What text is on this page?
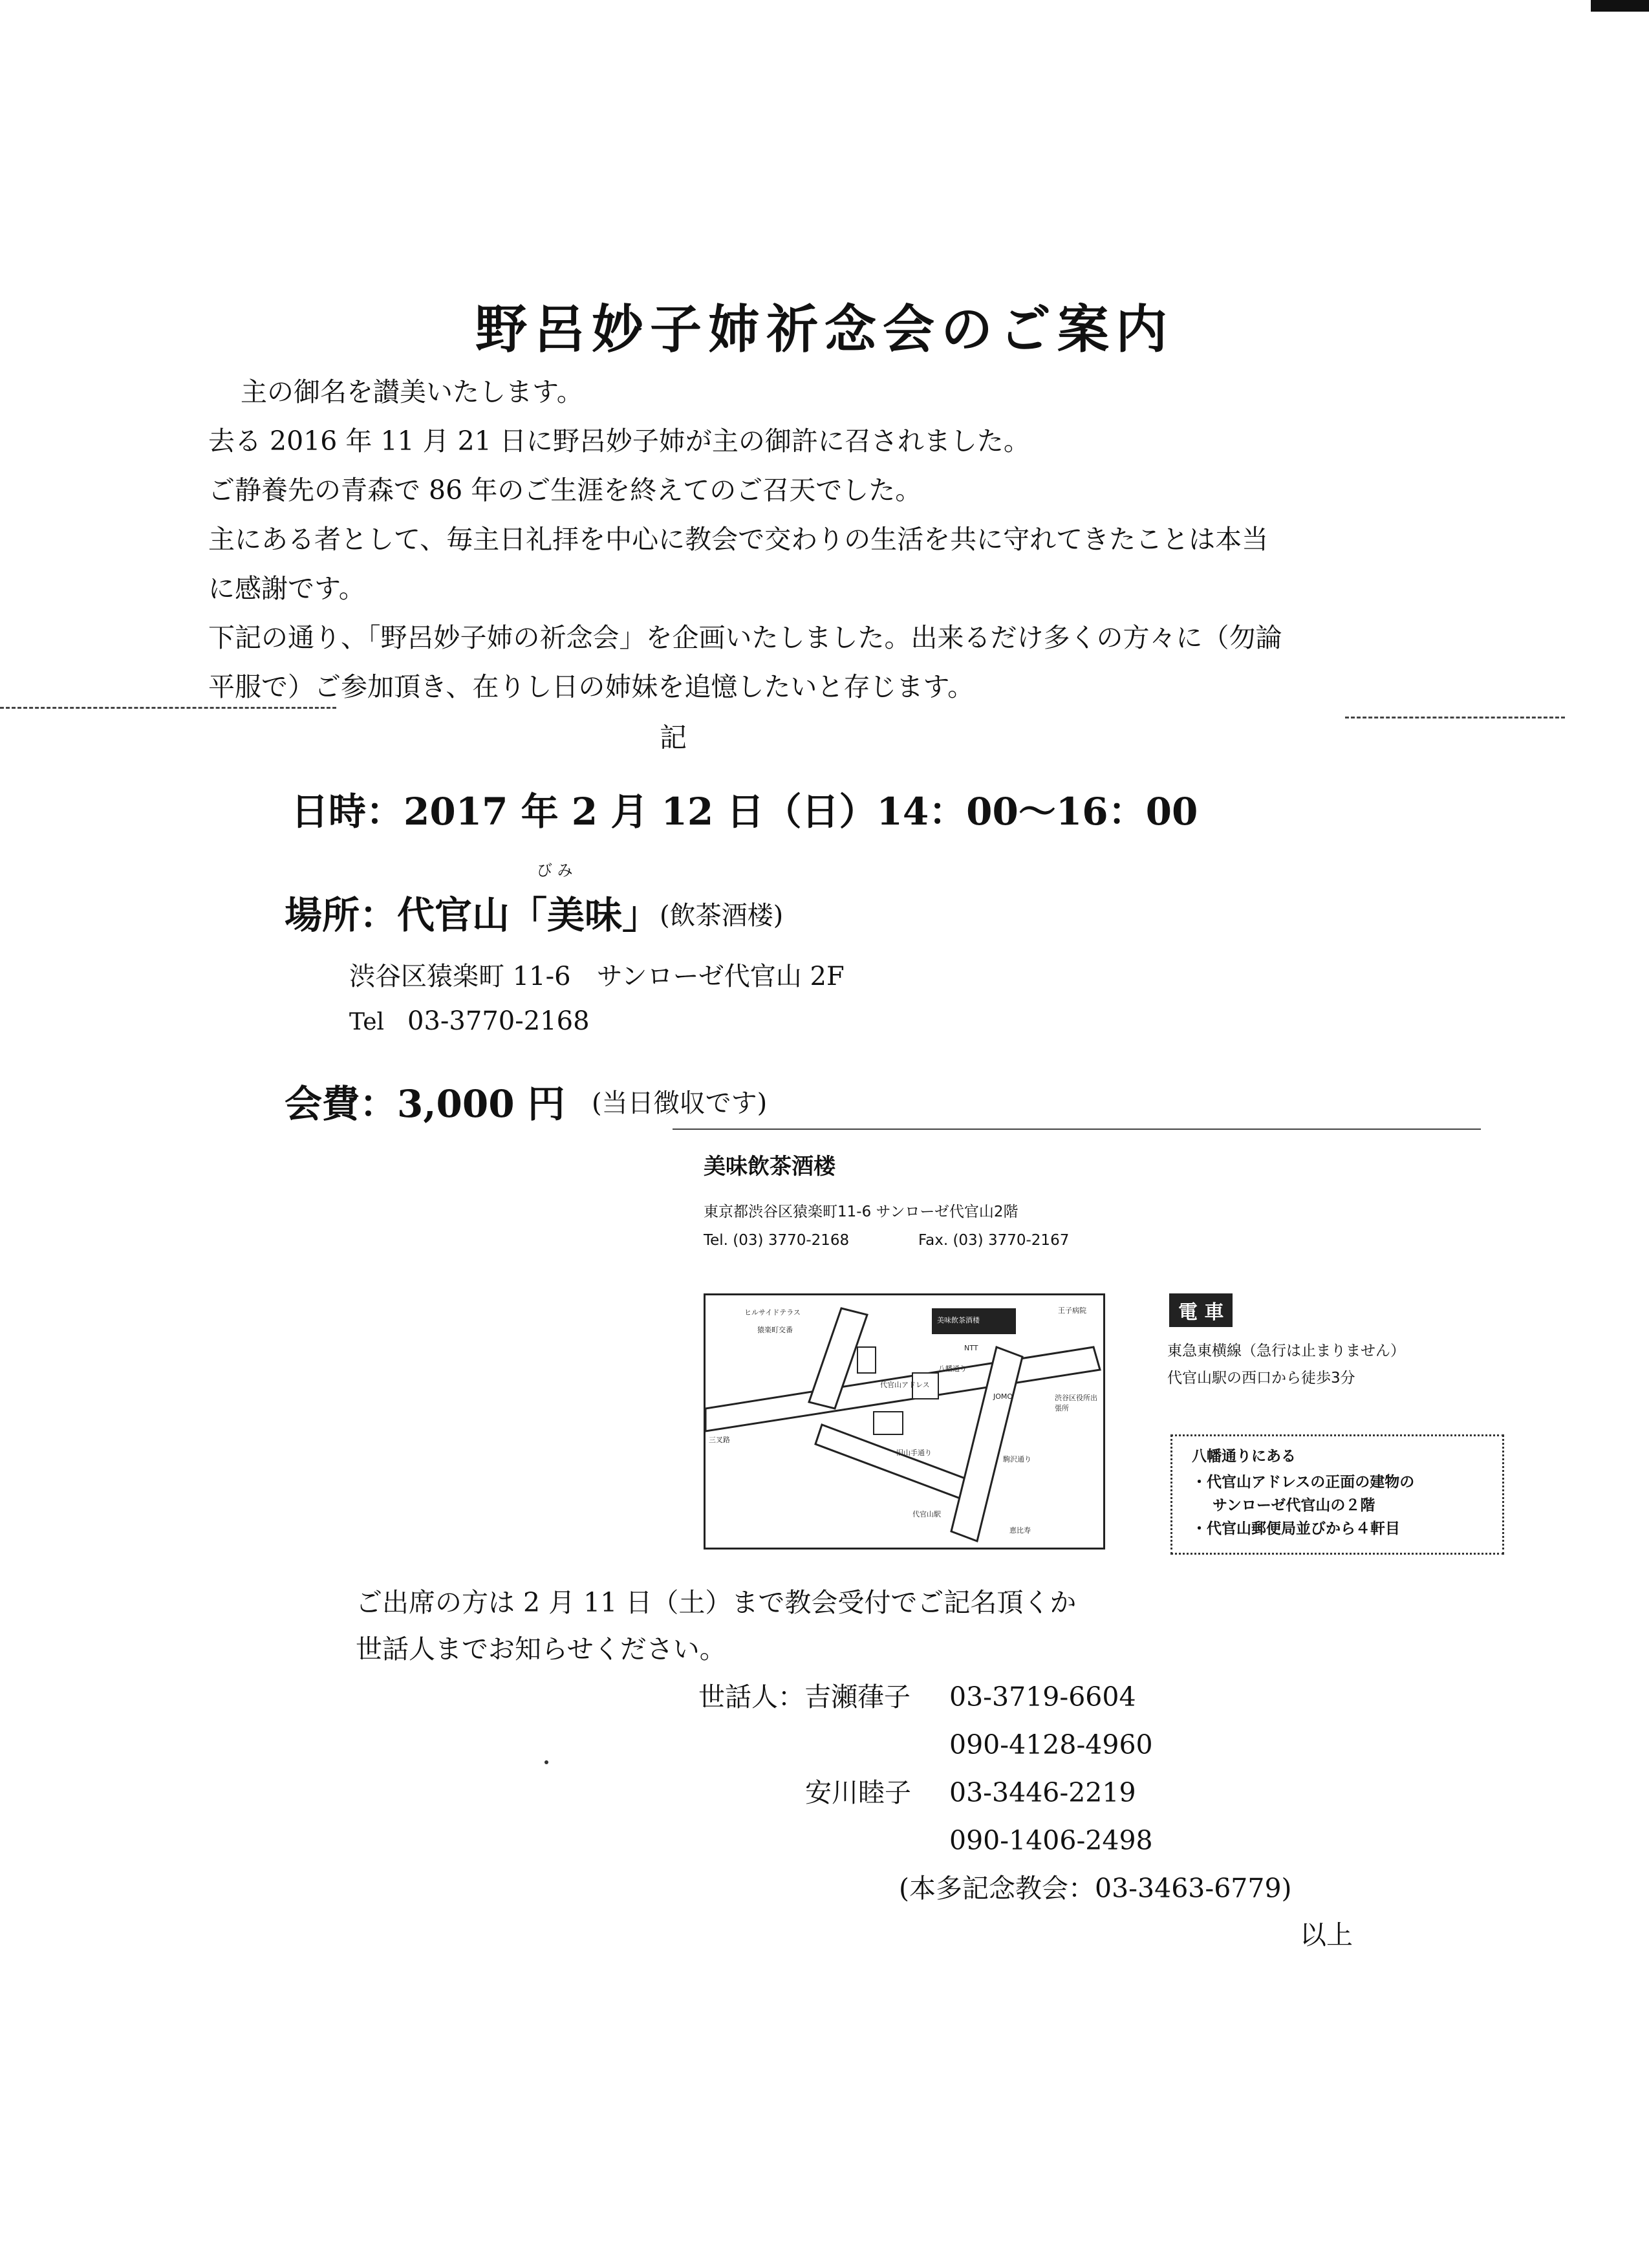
野呂妙子姉祈念会のご案内
主の御名を讃美いたします。
去る 2016 年 11 月 21 日に野呂妙子姉が主の御許に召されました。
ご静養先の青森で 86 年のご生涯を終えてのご召天でした。
主にある者として、毎主日礼拝を中心に教会で交わりの生活を共に守れてきたことは本当
に感謝です。
下記の通り、「野呂妙子姉の祈念会」を企画いたしました。出来るだけ多くの方々に（勿論
平服で）ご参加頂き、在りし日の姉妹を追憶したいと存じます。
記
日時：2017 年 2 月 12 日（日）14：00〜16：00
び み
場所：代官山「美味」 (飲茶酒楼)
渋谷区猿楽町 11-6　サンローゼ代官山 2F
Tel 03-3770-2168
会費：3,000 円 (当日徴収です)
美味飲茶酒楼
東京都渋谷区猿楽町11-6 サンローゼ代官山2階
Tel. (03) 3770-2168	Fax. (03) 3770-2167
ヒルサイドテラス
猿楽町交番
美味飲茶酒楼
王子病院
代官山アドレス
NTT
八幡通り
JOMO	渋谷区役所出張所
旧山手通り
三叉路
代官山駅
駒沢通り
恵比寿
電 車
東急東横線（急行は止まりません）
代官山駅の西口から徒歩3分
八幡通りにある
・代官山アドレスの正面の建物の
サンローゼ代官山の２階
・代官山郵便局並びから４軒目
ご出席の方は 2 月 11 日（土）まで教会受付でご記名頂くか
世話人までお知らせください。
世話人：吉瀬葎子 03-3719-6604
090-4128-4960
安川睦子 03-3446-2219
090-1406-2498
(本多記念教会：03-3463-6779)
以上
